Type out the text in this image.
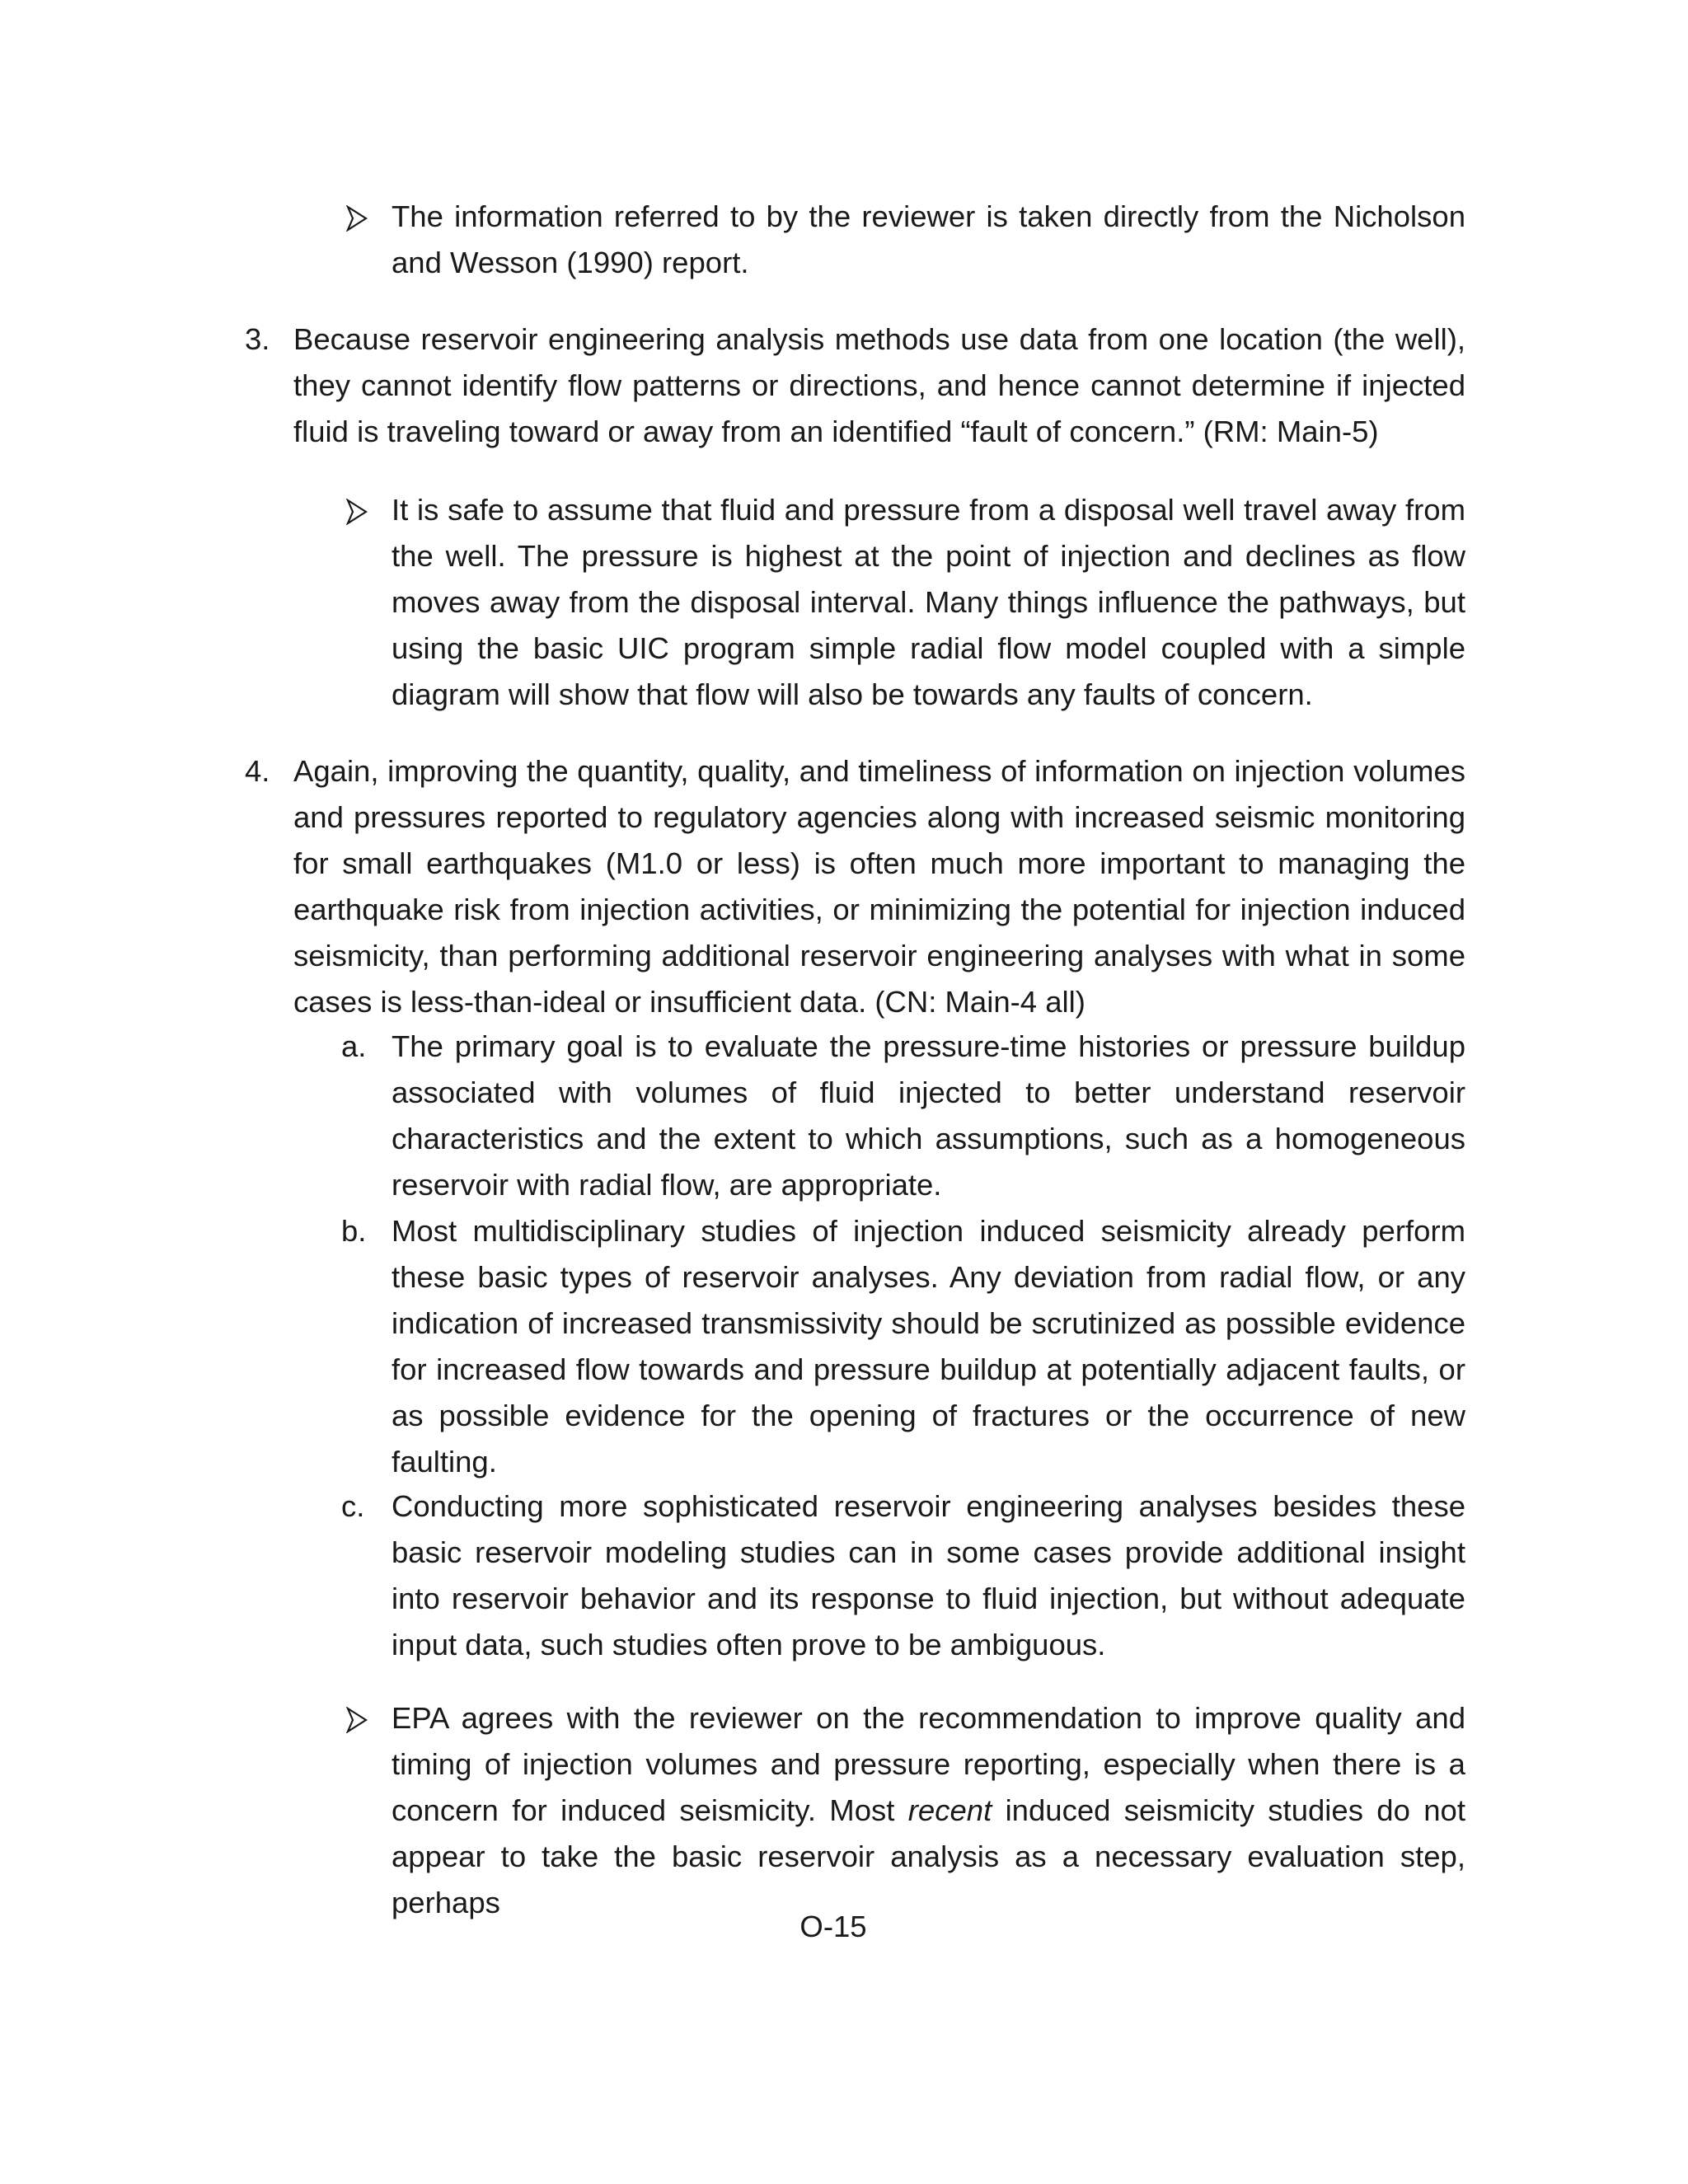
The information referred to by the reviewer is taken directly from the Nicholson and Wesson (1990) report.

3. Because reservoir engineering analysis methods use data from one location (the well), they cannot identify flow patterns or directions, and hence cannot determine if injected fluid is traveling toward or away from an identified “fault of concern.” (RM: Main-5)

It is safe to assume that fluid and pressure from a disposal well travel away from the well. The pressure is highest at the point of injection and declines as flow moves away from the disposal interval. Many things influence the pathways, but using the basic UIC program simple radial flow model coupled with a simple diagram will show that flow will also be towards any faults of concern.

4. Again, improving the quantity, quality, and timeliness of information on injection volumes and pressures reported to regulatory agencies along with increased seismic monitoring for small earthquakes (M1.0 or less) is often much more important to managing the earthquake risk from injection activities, or minimizing the potential for injection induced seismicity, than performing additional reservoir engineering analyses with what in some cases is less-than-ideal or insufficient data. (CN: Main-4 all)

a. The primary goal is to evaluate the pressure-time histories or pressure buildup associated with volumes of fluid injected to better understand reservoir characteristics and the extent to which assumptions, such as a homogeneous reservoir with radial flow, are appropriate.

b. Most multidisciplinary studies of injection induced seismicity already perform these basic types of reservoir analyses. Any deviation from radial flow, or any indication of increased transmissivity should be scrutinized as possible evidence for increased flow towards and pressure buildup at potentially adjacent faults, or as possible evidence for the opening of fractures or the occurrence of new faulting.

c. Conducting more sophisticated reservoir engineering analyses besides these basic reservoir modeling studies can in some cases provide additional insight into reservoir behavior and its response to fluid injection, but without adequate input data, such studies often prove to be ambiguous.

EPA agrees with the reviewer on the recommendation to improve quality and timing of injection volumes and pressure reporting, especially when there is a concern for induced seismicity. Most recent induced seismicity studies do not appear to take the basic reservoir analysis as a necessary evaluation step, perhaps

O-15
